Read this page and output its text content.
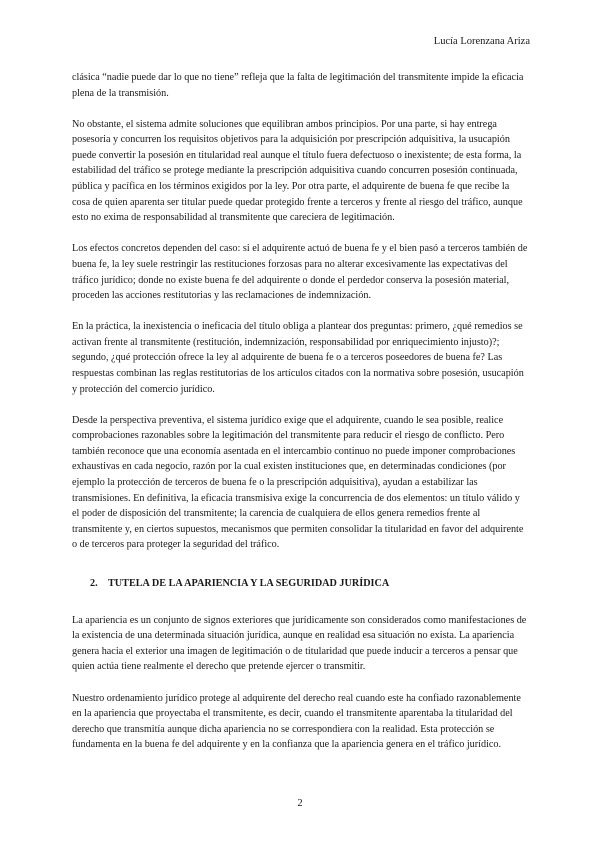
Lucía Lorenzana Ariza

clásica “nadie puede dar lo que no tiene” refleja que la falta de legitimación del transmitente impide la eficacia plena de la transmisión.

No obstante, el sistema admite soluciones que equilibran ambos principios. Por una parte, si hay entrega posesoria y concurren los requisitos objetivos para la adquisición por prescripción adquisitiva, la usucapión puede convertir la posesión en titularidad real aunque el título fuera defectuoso o inexistente; de esta forma, la estabilidad del tráfico se protege mediante la prescripción adquisitiva cuando concurren posesión continuada, pública y pacífica en los términos exigidos por la ley. Por otra parte, el adquirente de buena fe que recibe la cosa de quien aparenta ser titular puede quedar protegido frente a terceros y frente al riesgo del tráfico, aunque esto no exima de responsabilidad al transmitente que careciera de legitimación.

Los efectos concretos dependen del caso: si el adquirente actuó de buena fe y el bien pasó a terceros también de buena fe, la ley suele restringir las restituciones forzosas para no alterar excesivamente las expectativas del tráfico jurídico; donde no existe buena fe del adquirente o donde el perdedor conserva la posesión material, proceden las acciones restitutorias y las reclamaciones de indemnización.

En la práctica, la inexistencia o ineficacia del título obliga a plantear dos preguntas: primero, ¿qué remedios se activan frente al transmitente (restitución, indemnización, responsabilidad por enriquecimiento injusto)?; segundo, ¿qué protección ofrece la ley al adquirente de buena fe o a terceros poseedores de buena fe? Las respuestas combinan las reglas restitutorias de los artículos citados con la normativa sobre posesión, usucapión y protección del comercio jurídico.

Desde la perspectiva preventiva, el sistema jurídico exige que el adquirente, cuando le sea posible, realice comprobaciones razonables sobre la legitimación del transmitente para reducir el riesgo de conflicto. Pero también reconoce que una economía asentada en el intercambio continuo no puede imponer comprobaciones exhaustivas en cada negocio, razón por la cual existen instituciones que, en determinadas condiciones (por ejemplo la protección de terceros de buena fe o la prescripción adquisitiva), ayudan a estabilizar las transmisiones. En definitiva, la eficacia transmisiva exige la concurrencia de dos elementos: un título válido y el poder de disposición del transmitente; la carencia de cualquiera de ellos genera remedios frente al transmitente y, en ciertos supuestos, mecanismos que permiten consolidar la titularidad en favor del adquirente o de terceros para proteger la seguridad del tráfico.

2. TUTELA DE LA APARIENCIA Y LA SEGURIDAD JURÍDICA

La apariencia es un conjunto de signos exteriores que jurídicamente son considerados como manifestaciones de la existencia de una determinada situación jurídica, aunque en realidad esa situación no exista. La apariencia genera hacia el exterior una imagen de legitimación o de titularidad que puede inducir a terceros a pensar que quien actúa tiene realmente el derecho que pretende ejercer o transmitir.

Nuestro ordenamiento jurídico protege al adquirente del derecho real cuando este ha confiado razonablemente en la apariencia que proyectaba el transmitente, es decir, cuando el transmitente aparentaba la titularidad del derecho que transmitía aunque dicha apariencia no se correspondiera con la realidad. Esta protección se fundamenta en la buena fe del adquirente y en la confianza que la apariencia genera en el tráfico jurídico.

2
